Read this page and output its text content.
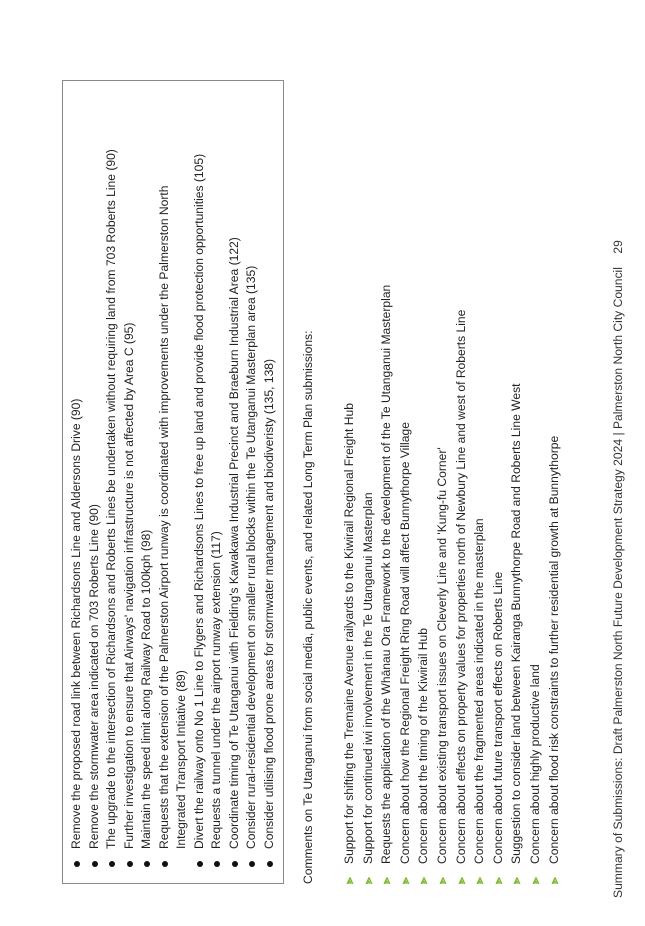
Remove the proposed road link between Richardsons Line and Aldersons Drive (90) Remove the stormwater area indicated on 703 Roberts Line (90) The upgrade to the intersection of Richardsons and Roberts Lines be undertaken without requiring land from 703 Roberts Line (90) Further investigation to ensure that Airways' navigation infrastructure is not affected by Area C (95) Maintain the speed limit along Railway Road to 100kph (98) Requests that the extension of the Palmerston Airport runway is coordinated with improvements under the Palmerston North
Integrated Transport Intiative (89) Divert the railway onto No 1 Line to Flygers and Richardsons Lines to free up land and provide flood protection opportunities (105) Requests a tunnel under the airport runway extension (117) Coordinate timing of Te Utanganui with Fielding's Kawakawa Industrial Precinct and Braeburn Industrial Area (122) Consider rural-residential development on smaller rural blocks within the Te Utanganui Masterplan area (135) Consider utilising flood prone areas for stormwater management and biodiveristy (135, 138) Comments on Te Utanganui from social media, public events, and related Long Term Plan submissions: ⪢
Support for shifting the Tremaine Avenue railyards to the Kiwirail Regional Freight Hub
⪢
Support for continued iwi involvement in the Te Utanganui Masterplan
⪢
Requests the application of the Whānau Ora Framework to the development of the Te Utanganui Masterplan
⪢
Concern about how the Regional Freight Ring Road will affect Bunnythorpe Village
⪢
Concern about the timing of the Kiwirail Hub
⪢
Concern about existing transport issues on Cleverly Line and 'Kung-fu Corner'
⪢
Concern about effects on property values for properties north of Newbury Line and west of Roberts Line
⪢
Concern about the fragmented areas indicated in the masterplan
⪢
Concern about future transport effects on Roberts Line
⪢
Suggestion to consider land between Kairanga Bunnythorpe Road and Roberts Line West
⪢
Concern about highly productive land
⪢
Concern about flood risk constraints to further residential growth at Bunnythorpe	Summary of Submissions: Draft Palmerston North Future Development Strategy 2024 | Palmerston North City Council    29
